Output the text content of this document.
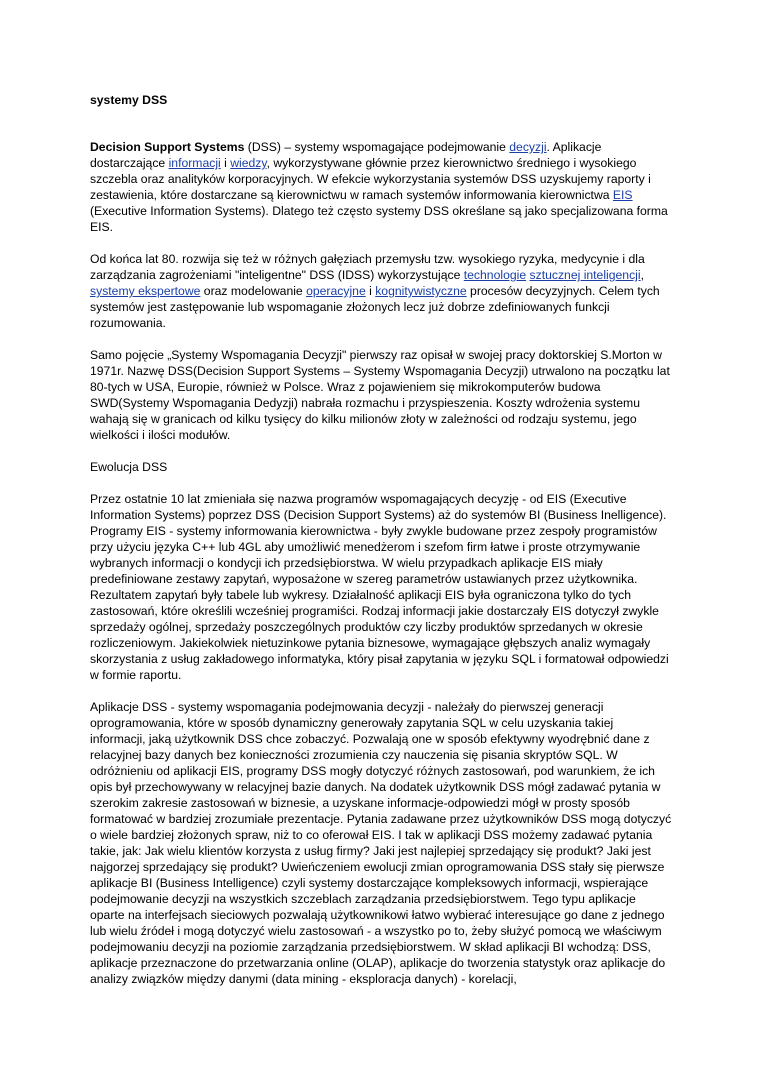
systemy DSS

Decision Support Systems (DSS) – systemy wspomagające podejmowanie decyzji. Aplikacje dostarczające informacji i wiedzy, wykorzystywane głównie przez kierownictwo średniego i wysokiego szczebla oraz analityków korporacyjnych. W efekcie wykorzystania systemów DSS uzyskujemy raporty i zestawienia, które dostarczane są kierownictwu w ramach systemów informowania kierownictwa EIS (Executive Information Systems). Dlatego też często systemy DSS określane są jako specjalizowana forma EIS.

Od końca lat 80. rozwija się też w różnych gałęziach przemysłu tzw. wysokiego ryzyka, medycynie i dla zarządzania zagrożeniami "inteligentne" DSS (IDSS) wykorzystujące technologie sztucznej inteligencji, systemy ekspertowe oraz modelowanie operacyjne i kognitywistyczne procesów decyzyjnych. Celem tych systemów jest zastępowanie lub wspomaganie złożonych lecz już dobrze zdefiniowanych funkcji rozumowania.

Samo pojęcie „Systemy Wspomagania Decyzji" pierwszy raz opisał w swojej pracy doktorskiej S.Morton w 1971r. Nazwę DSS(Decision Support Systems – Systemy Wspomagania Decyzji) utrwalono na początku lat 80-tych w USA, Europie, również w Polsce. Wraz z pojawieniem się mikrokomputerów budowa SWD(Systemy Wspomagania Dedyzji) nabrała rozmachu i przyspieszenia. Koszty wdrożenia systemu wahają się w granicach od kilku tysięcy do kilku milionów złoty w zależności od rodzaju systemu, jego wielkości i ilości modułów.

Ewolucja DSS

Przez ostatnie 10 lat zmieniała się nazwa programów wspomagających decyzję - od EIS (Executive Information Systems) poprzez DSS (Decision Support Systems) aż do systemów BI (Business Inelligence). Programy EIS - systemy informowania kierownictwa - były zwykle budowane przez zespoły programistów przy użyciu języka C++ lub 4GL aby umożliwić menedżerom i szefom firm łatwe i proste otrzymywanie wybranych informacji o kondycji ich przedsiębiorstwa. W wielu przypadkach aplikacje EIS miały predefiniowane zestawy zapytań, wyposażone w szereg parametrów ustawianych przez użytkownika. Rezultatem zapytań były tabele lub wykresy. Działalność aplikacji EIS była ograniczona tylko do tych zastosowań, które określili wcześniej programiści. Rodzaj informacji jakie dostarczały EIS dotyczył zwykle sprzedaży ogólnej, sprzedaży poszczególnych produktów czy liczby produktów sprzedanych w okresie rozliczeniowym. Jakiekolwiek nietuzinkowe pytania biznesowe, wymagające głębszych analiz wymagały skorzystania z usług zakładowego informatyka, który pisał zapytania w języku SQL i formatował odpowiedzi w formie raportu.

Aplikacje DSS - systemy wspomagania podejmowania decyzji - należały do pierwszej generacji oprogramowania, które w sposób dynamiczny generowały zapytania SQL w celu uzyskania takiej informacji, jaką użytkownik DSS chce zobaczyć. Pozwalają one w sposób efektywny wyodrębnić dane z relacyjnej bazy danych bez konieczności zrozumienia czy nauczenia się pisania skryptów SQL. W odróżnieniu od aplikacji EIS, programy DSS mogły dotyczyć różnych zastosowań, pod warunkiem, że ich opis był przechowywany w relacyjnej bazie danych. Na dodatek użytkownik DSS mógł zadawać pytania w szerokim zakresie zastosowań w biznesie, a uzyskane informacje-odpowiedzi mógł w prosty sposób formatować w bardziej zrozumiałe prezentacje. Pytania zadawane przez użytkowników DSS mogą dotyczyć o wiele bardziej złożonych spraw, niż to co oferował EIS. I tak w aplikacji DSS możemy zadawać pytania takie, jak: Jak wielu klientów korzysta z usług firmy? Jaki jest najlepiej sprzedający się produkt? Jaki jest najgorzej sprzedający się produkt? Uwieńczeniem ewolucji zmian oprogramowania DSS stały się pierwsze aplikacje BI (Business Intelligence) czyli systemy dostarczające kompleksowych informacji, wspierające podejmowanie decyzji na wszystkich szczeblach zarządzania przedsiębiorstwem. Tego typu aplikacje oparte na interfejsach sieciowych pozwalają użytkownikowi łatwo wybierać interesujące go dane z jednego lub wielu źródeł i mogą dotyczyć wielu zastosowań - a wszystko po to, żeby służyć pomocą we właściwym podejmowaniu decyzji na poziomie zarządzania przedsiębiorstwem. W skład aplikacji BI wchodzą: DSS, aplikacje przeznaczone do przetwarzania online (OLAP), aplikacje do tworzenia statystyk oraz aplikacje do analizy związków między danymi (data mining - eksploracja danych) - korelacji,
